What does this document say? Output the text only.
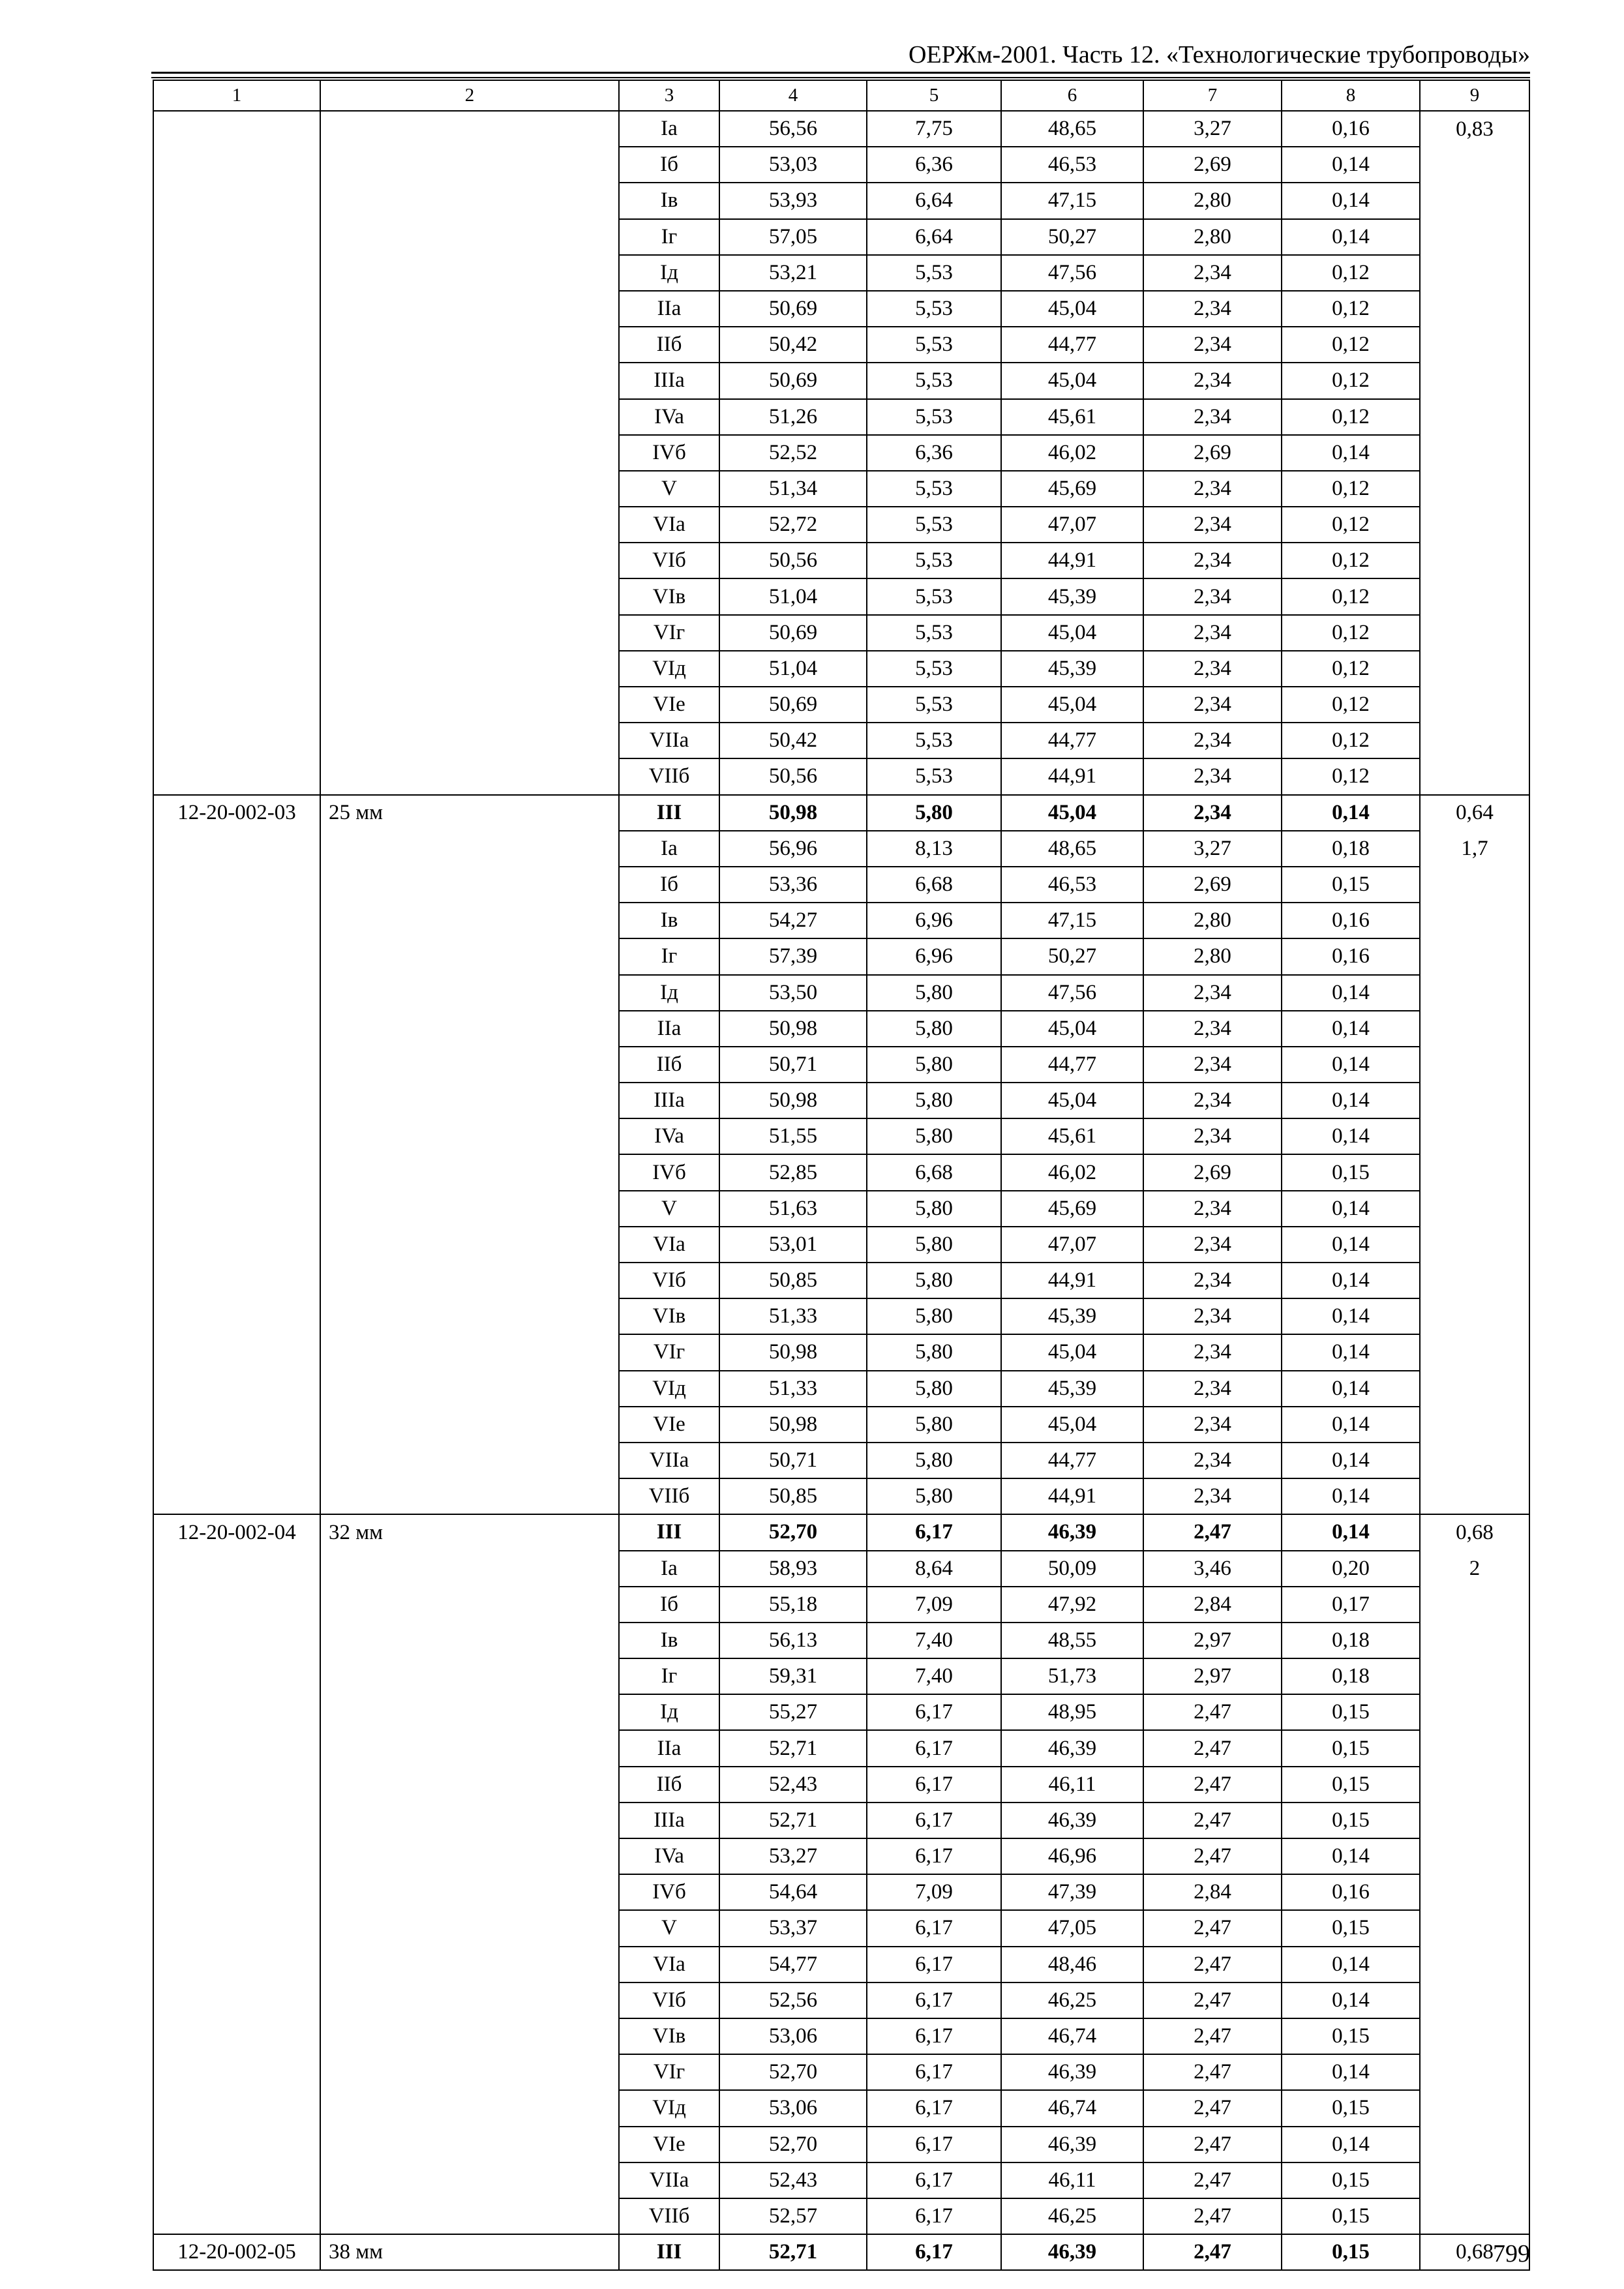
ОЕРЖм-2001. Часть 12. «Технологические трубопроводы»
1	2	3	4	5	6	7	8	9
		Ia	56,56	7,75	48,65	3,27	0,16	0,83
		Iб	53,03	6,36	46,53	2,69	0,14	
		Iв	53,93	6,64	47,15	2,80	0,14	
		Iг	57,05	6,64	50,27	2,80	0,14	
		Iд	53,21	5,53	47,56	2,34	0,12	
		IIа	50,69	5,53	45,04	2,34	0,12	
		IIб	50,42	5,53	44,77	2,34	0,12	
		IIIa	50,69	5,53	45,04	2,34	0,12	
		IVa	51,26	5,53	45,61	2,34	0,12	
		IVб	52,52	6,36	46,02	2,69	0,14	
		V	51,34	5,53	45,69	2,34	0,12	
		VIa	52,72	5,53	47,07	2,34	0,12	
		VIб	50,56	5,53	44,91	2,34	0,12	
		VIв	51,04	5,53	45,39	2,34	0,12	
		VIг	50,69	5,53	45,04	2,34	0,12	
		VIд	51,04	5,53	45,39	2,34	0,12	
		VIe	50,69	5,53	45,04	2,34	0,12	
		VIIa	50,42	5,53	44,77	2,34	0,12	
		VIIб	50,56	5,53	44,91	2,34	0,12	
12-20-002-03	25 мм	III	50,98	5,80	45,04	2,34	0,14	0,64
		Ia	56,96	8,13	48,65	3,27	0,18	1,7
		Iб	53,36	6,68	46,53	2,69	0,15	
		Iв	54,27	6,96	47,15	2,80	0,16	
		Iг	57,39	6,96	50,27	2,80	0,16	
		Iд	53,50	5,80	47,56	2,34	0,14	
		IIа	50,98	5,80	45,04	2,34	0,14	
		IIб	50,71	5,80	44,77	2,34	0,14	
		IIIa	50,98	5,80	45,04	2,34	0,14	
		IVa	51,55	5,80	45,61	2,34	0,14	
		IVб	52,85	6,68	46,02	2,69	0,15	
		V	51,63	5,80	45,69	2,34	0,14	
		VIa	53,01	5,80	47,07	2,34	0,14	
		VIб	50,85	5,80	44,91	2,34	0,14	
		VIв	51,33	5,80	45,39	2,34	0,14	
		VIг	50,98	5,80	45,04	2,34	0,14	
		VIд	51,33	5,80	45,39	2,34	0,14	
		VIe	50,98	5,80	45,04	2,34	0,14	
		VIIa	50,71	5,80	44,77	2,34	0,14	
		VIIб	50,85	5,80	44,91	2,34	0,14	
12-20-002-04	32 мм	III	52,70	6,17	46,39	2,47	0,14	0,68
		Ia	58,93	8,64	50,09	3,46	0,20	2
		Iб	55,18	7,09	47,92	2,84	0,17	
		Iв	56,13	7,40	48,55	2,97	0,18	
		Iг	59,31	7,40	51,73	2,97	0,18	
		Iд	55,27	6,17	48,95	2,47	0,15	
		IIа	52,71	6,17	46,39	2,47	0,15	
		IIб	52,43	6,17	46,11	2,47	0,15	
		IIIa	52,71	6,17	46,39	2,47	0,15	
		IVa	53,27	6,17	46,96	2,47	0,14	
		IVб	54,64	7,09	47,39	2,84	0,16	
		V	53,37	6,17	47,05	2,47	0,15	
		VIa	54,77	6,17	48,46	2,47	0,14	
		VIб	52,56	6,17	46,25	2,47	0,14	
		VIв	53,06	6,17	46,74	2,47	0,15	
		VIг	52,70	6,17	46,39	2,47	0,14	
		VIд	53,06	6,17	46,74	2,47	0,15	
		VIe	52,70	6,17	46,39	2,47	0,14	
		VIIa	52,43	6,17	46,11	2,47	0,15	
		VIIб	52,57	6,17	46,25	2,47	0,15	
12-20-002-05	38 мм	III	52,71	6,17	46,39	2,47	0,15	0,68 799
